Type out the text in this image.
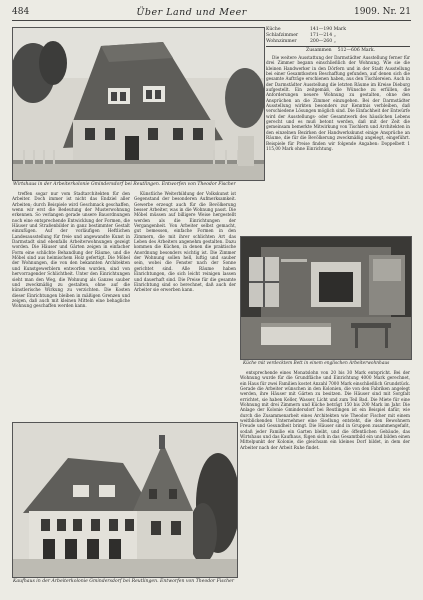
484	Über Land und Meer	1909. Nr. 21
Wirtshaus in der Arbeiterkolonie Gmindersdorf bei Reutlingen. Entworfen von Theodor Fischer
Küche	141—190 Mark
Schlafzimmer	171—214 „
Wohnzimmer	200—260 „
Zusammen 512—606 Mark.

Die weitere Ausstattung der Darmstädter Ausstellung ferner für drei Zimmer begann einschließlich der Wohnung. Wie sie die kleinen Handwerker in den Dörfern und in der Stadt Ausstellung bei einer Gesamtkosten Beschaffung gefunden, auf denen sich die gesamte Aufträge erschienen haben, aus den Tischlereien. Auch in der Darmstädter Ausstellung die letzten Räume im Kreise Dieburg aufgestellt. Ein zeitgemäß, die Wünsche zu erfüllen, die Anforderungen neuere Wohnung zu gestalten, ohne den Ansprüchen an die Zimmer einzugehen. Bei der Darmstädter Ausstellung wirkten besonders zur Kenntnis verbleiben, daß verschiedene Lösungen möglich sind. Die Einfachheit der Entwürfe wird der Ausstellungs- oder Gesamtwerk des häuslichen Lebens gerecht und es muß betont werden, daß mit der Zeit die gemeinsam bemerkte Mitwirkung von Tischlern und Architekten in den einzelnen Bezirken der Handwerkskunst einige Ansprüche an Räume, die für die Bevölkerung zweckmäßig angelegt, eingeführt. Beispiele für Preise finden wir folgende Angaben: Doppelbett 1 115,00 Mark ohne Einrichtung.

treffen sogar nur vom Stadtarchitekten für den Arbeiter. Doch immer ist nicht das Endziel aller Arbeiten; durch Beispiele wird Geschmack geschaffen, wenn wir erst die Bedeutung der Musterwohnung erkennen. So verlangen gerade unsere Bauordnungen noch eine entsprechende Entwicklung der Formen, die Häuser und Straßenbilder in ganz bestimmter Gestalt einzufügen. Auf der vorläufigen Heftlichen Landesausstellung für freie und angewandte Kunst in Darmstadt sind ebenfalls Arbeiterwohnungen gezeigt worden. Die Häuser und Gärten zeigen in einfacher Form eine schlichte Behandlung der Räume, und die Möbel sind aus heimischem Holz gefertigt. Die Möbel der Wohnungen, die von den bekannten Architekten und Kunstgewerblern entworfen wurden, sind von hervorragender Schlichtheit. Unter den Einrichtungen sieht man den Weg, die Wohnung als Ganzes sauber und zweckmäßig zu gestalten, ohne auf die künstlerische Wirkung zu verzichten. Die Kosten dieser Einrichtungen bleiben in mäßigen Grenzen und zeigen, daß auch mit kleinen Mitteln eine behagliche Wohnung geschaffen werden kann.

Künstliche Weiterbildung der Volkskunst ist Gegenstand der besonderen Aufmerksamkeit. Gewerbe erzeugt auch für die Bevölkerung besser Arbeiter, was in die Wohnung passt. Die Möbel müssen auf billigere Weise hergestellt werden als die Einrichtungen der Vergangenheit. Von Arbeiter selbst gemacht, gut bemessen, einfache Formen in den Zimmern, die mit ihrer schlichten Art das Leben des Arbeiters angenehm gestalten. Dazu kommen die Küchen, in denen die praktische Anordnung besonders wichtig ist. Die Zimmer der Wohnung sollen hell, luftig und sauber sein, wobei die Fenster nach der Sonne gerichtet sind. Alle Räume haben Einrichtungen, die sich leicht reinigen lassen und dauerhaft sind. Die Preise für die gesamte Einrichtung sind so berechnet, daß auch der Arbeiter sie erwerben kann.

Küche mit verdecktem Bett in einem englischen Arbeiterwohnhaus

entsprechende eines Monatslohn von 20 bis 30 Mark entspricht. Bei der Wohnung wurde für die Grundfläche und Einrichtung 4000 Mark gerechnet, ein Haus für zwei Familien kostet Anzahl 7000 Mark einschließlich Grundstück. Gerade die Arbeiter wünschen in den Kolonien, die von den Fabriken angelegt werden, ihre Häuser mit Gärten zu besitzen. Die Häuser sind mit Sorgfalt errichtet, sie haben Keller, Wasser, Licht und zum Teil Bad. Die Miete für eine Wohnung mit drei Zimmern und Küche beträgt 150 bis 200 Mark im Jahr. Die Anlage der Kolonie Gmindersdorf bei Reutlingen ist ein Beispiel dafür, wie durch die Zusammenarbeit eines Architekten wie Theodor Fischer mit einem weitblickenden Unternehmer eine Siedlung entsteht, die den Bewohnern Freude und Gesundheit bringt. Die Häuser sind in Gruppen zusammengefaßt, sodaß jeder Familie ein Garten bleibt, und die öffentlichen Gebäude, das Wirtshaus und das Kaufhaus, fügen sich in das Gesamtbild ein und bilden einen Mittelpunkt der Kolonie, die gleichsam ein kleines Dorf bildet, in dem der Arbeiter nach der Arbeit Ruhe findet.

Kaufhaus in der Arbeiterkolonie Gmindersdorf bei Reutlingen. Entworfen von Theodor Fischer
